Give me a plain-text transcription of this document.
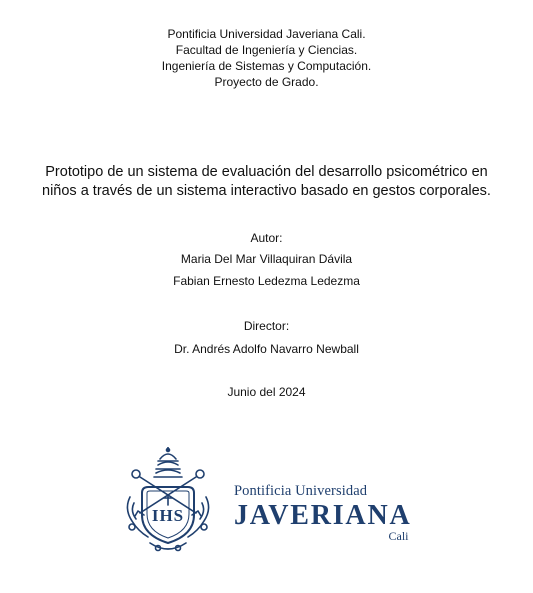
Pontificia Universidad Javeriana Cali.
Facultad de Ingeniería y Ciencias.
Ingeniería de Sistemas y Computación.
Proyecto de Grado.
Prototipo de un sistema de evaluación del desarrollo psicométrico en
niños a través de un sistema interactivo basado en gestos corporales.
Autor:
Maria Del Mar Villaquiran Dávila
Fabian Ernesto Ledezma Ledezma
Director:
Dr. Andrés Adolfo Navarro Newball
Junio del 2024
IHS
Pontificia Universidad
JAVERIANA
Cali
